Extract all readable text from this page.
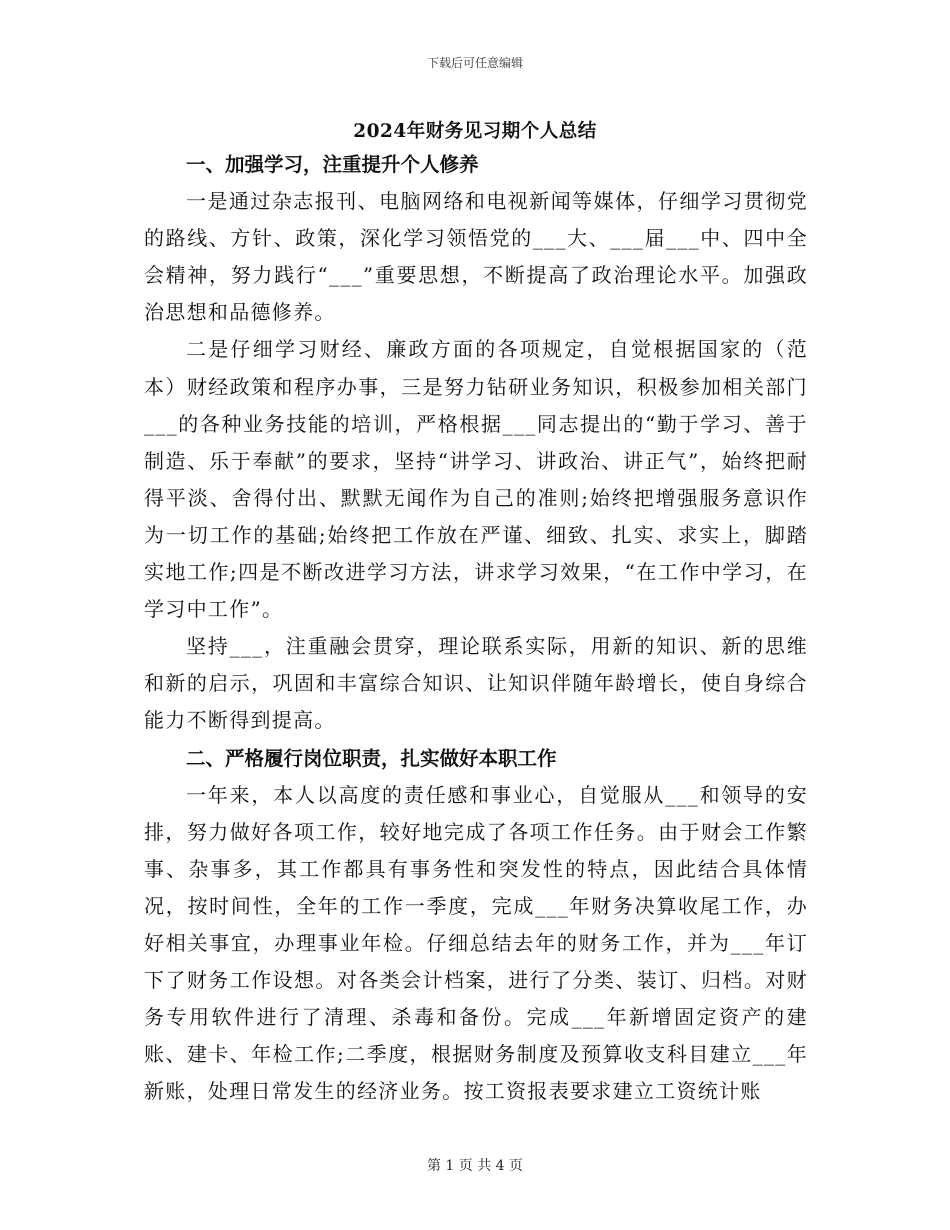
下载后可任意编辑
2024年财务见习期个人总结

一、加强学习，注重提升个人修养

一是通过杂志报刊、电脑网络和电视新闻等媒体，仔细学习贯彻党的路线、方针、政策，深化学习领悟党的___大、___届___中、四中全会精神，努力践行“___”重要思想，不断提高了政治理论水平。加强政治思想和品德修养。

二是仔细学习财经、廉政方面的各项规定，自觉根据国家的（范本）财经政策和程序办事，三是努力钻研业务知识，积极参加相关部门___的各种业务技能的培训，严格根据___同志提出的“勤于学习、善于制造、乐于奉献”的要求，坚持“讲学习、讲政治、讲正气”，始终把耐得平淡、舍得付出、默默无闻作为自己的准则;始终把增强服务意识作为一切工作的基础;始终把工作放在严谨、细致、扎实、求实上，脚踏实地工作;四是不断改进学习方法，讲求学习效果，“在工作中学习，在学习中工作”。

坚持___，注重融会贯穿，理论联系实际，用新的知识、新的思维和新的启示，巩固和丰富综合知识、让知识伴随年龄增长，使自身综合能力不断得到提高。

二、严格履行岗位职责，扎实做好本职工作

一年来，本人以高度的责任感和事业心，自觉服从___和领导的安排，努力做好各项工作，较好地完成了各项工作任务。由于财会工作繁事、杂事多，其工作都具有事务性和突发性的特点，因此结合具体情况，按时间性，全年的工作一季度，完成___年财务决算收尾工作，办好相关事宜，办理事业年检。仔细总结去年的财务工作，并为___年订下了财务工作设想。对各类会计档案，进行了分类、装订、归档。对财务专用软件进行了清理、杀毒和备份。完成___年新增固定资产的建账、建卡、年检工作;二季度，根据财务制度及预算收支科目建立___年新账，处理日常发生的经济业务。按工资报表要求建立工资统计账

第 1 页 共 4 页
